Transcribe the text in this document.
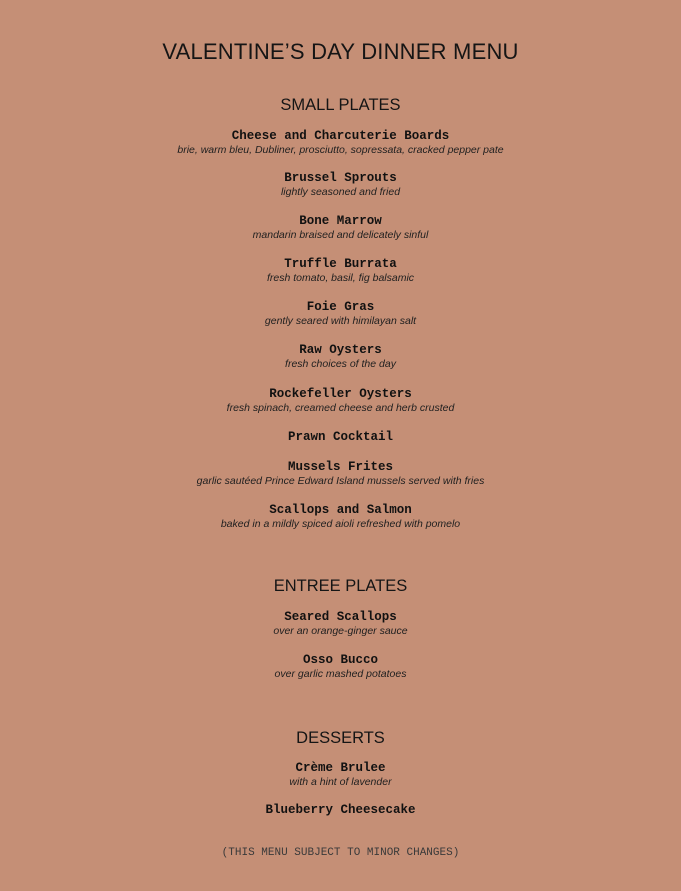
VALENTINE’S DAY DINNER MENU
SMALL PLATES
Cheese and Charcuterie Boards
brie, warm bleu, Dubliner, prosciutto, sopressata, cracked pepper pate
Brussel Sprouts
lightly seasoned and fried
Bone Marrow
mandarin braised and delicately sinful
Truffle Burrata
fresh tomato, basil, fig balsamic
Foie Gras
gently seared with himilayan salt
Raw Oysters
fresh choices of the day
Rockefeller Oysters
fresh spinach, creamed cheese and herb crusted
Prawn Cocktail
Mussels Frites
garlic sautéed Prince Edward Island mussels served with fries
Scallops and Salmon
baked in a mildly spiced aioli refreshed with pomelo
ENTREE PLATES
Seared Scallops
over an orange-ginger sauce
Osso Bucco
over garlic mashed potatoes
DESSERTS
Crème Brulee
with a hint of lavender
Blueberry Cheesecake
(THIS MENU SUBJECT TO MINOR CHANGES)
